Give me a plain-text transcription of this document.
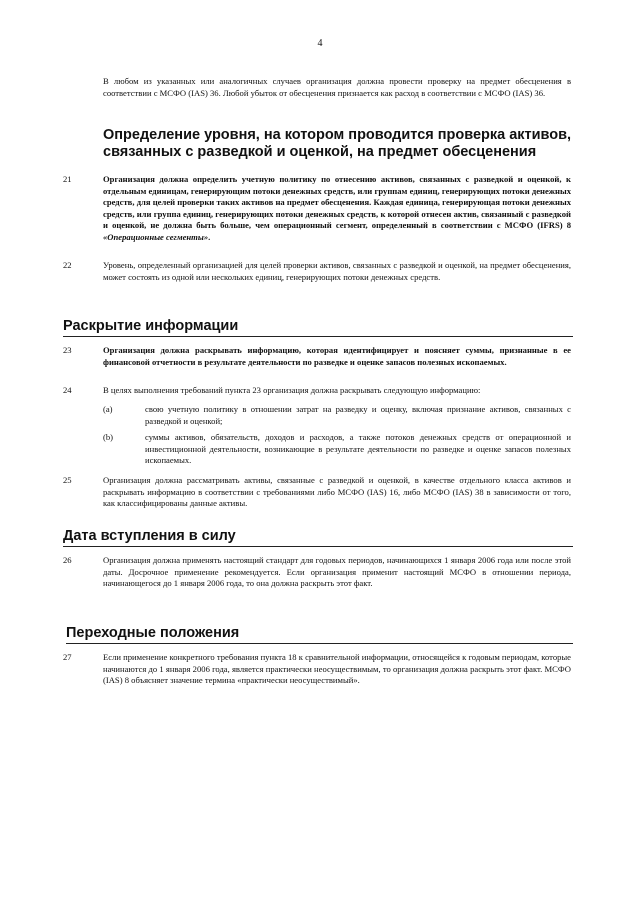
4
В любом из указанных или аналогичных случаев организация должна провести проверку на предмет обесценения в соответствии с МСФО (IAS) 36. Любой убыток от обесценения признается как расход в соответствии с МСФО (IAS) 36.
Определение уровня, на котором проводится проверка активов, связанных с разведкой и оценкой, на предмет обесценения
21	Организация должна определить учетную политику по отнесению активов, связанных с разведкой и оценкой, к отдельным единицам, генерирующим потоки денежных средств, или группам единиц, генерирующих потоки денежных средств, для целей проверки таких активов на предмет обесценения. Каждая единица, генерирующая потоки денежных средств, или группа единиц, генерирующих потоки денежных средств, к которой отнесен актив, связанный с разведкой и оценкой, не должна быть больше, чем операционный сегмент, определенный в соответствии с МСФО (IFRS) 8 «Операционные сегменты».
22	Уровень, определенный организацией для целей проверки активов, связанных с разведкой и оценкой, на предмет обесценения, может состоять из одной или нескольких единиц, генерирующих потоки денежных средств.
Раскрытие информации
23	Организация должна раскрывать информацию, которая идентифицирует и поясняет суммы, признанные в ее финансовой отчетности в результате деятельности по разведке и оценке запасов полезных ископаемых.
24	В целях выполнения требований пункта 23 организация должна раскрывать следующую информацию:
(a)	свою учетную политику в отношении затрат на разведку и оценку, включая признание активов, связанных с разведкой и оценкой;
(b)	суммы активов, обязательств, доходов и расходов, а также потоков денежных средств от операционной и инвестиционной деятельности, возникающие в результате деятельности по разведке и оценке запасов полезных ископаемых.
25	Организация должна рассматривать активы, связанные с разведкой и оценкой, в качестве отдельного класса активов и раскрывать информацию в соответствии с требованиями либо МСФО (IAS) 16, либо МСФО (IAS) 38 в зависимости от того, как классифицированы данные активы.
Дата вступления в силу
26	Организация должна применять настоящий стандарт для годовых периодов, начинающихся 1 января 2006 года или после этой даты. Досрочное применение рекомендуется. Если организация применит настоящий МСФО в отношении периода, начинающегося до 1 января 2006 года, то она должна раскрыть этот факт.
Переходные положения
27	Если применение конкретного требования пункта 18 к сравнительной информации, относящейся к годовым периодам, которые начинаются до 1 января 2006 года, является практически неосуществимым, то организация должна раскрыть этот факт. МСФО (IAS) 8 объясняет значение термина «практически неосуществимый».
